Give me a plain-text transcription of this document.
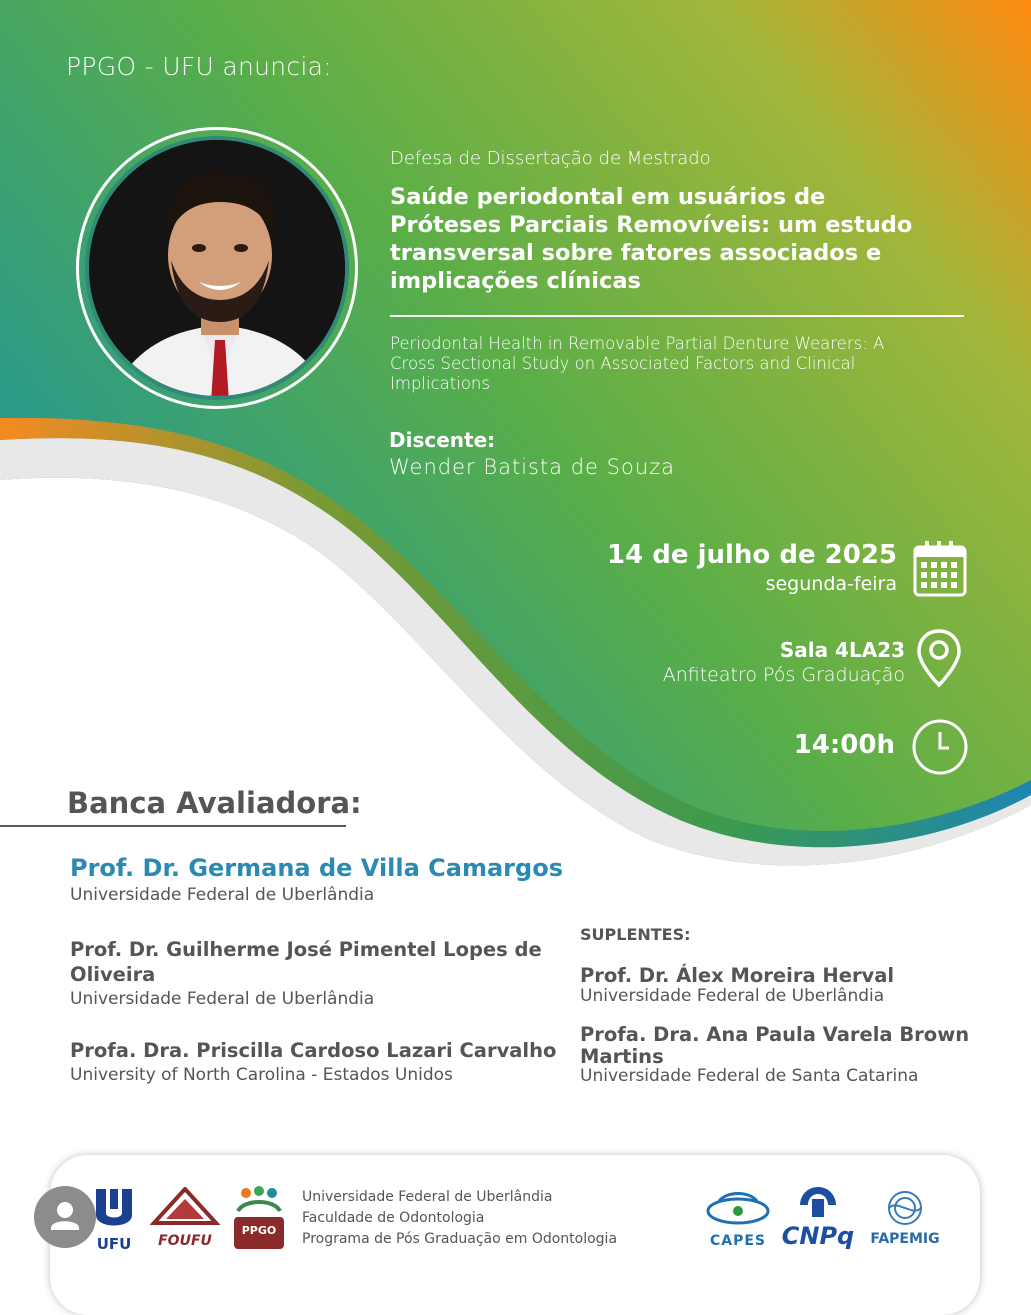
PPGO - UFU anuncia:

Defesa de Dissertação de Mestrado

Saúde periodontal em usuários de
Próteses Parciais Removíveis: um estudo
transversal sobre fatores associados e
implicações clínicas
Periodontal Health in Removable Partial Denture Wearers: A
Cross Sectional Study on Associated Factors and Clinical
Implications

Discente:

Wender Batista de Souza

14 de julho de 2025

segunda-feira

Sala 4LA23

Anfiteatro Pós Graduação

14:00h

Banca Avaliadora:

Prof. Dr. Germana de Villa Camargos
Universidade Federal de Uberlândia
Prof. Dr. Guilherme José Pimentel Lopes de
Oliveira
Universidade Federal de Uberlândia
Profa. Dra. Priscilla Cardoso Lazari Carvalho
University of North Carolina - Estados Unidos

SUPLENTES:

Prof. Dr. Álex Moreira Herval
Universidade Federal de Uberlândia
Profa. Dra. Ana Paula Varela Brown
Martins
Universidade Federal de Santa Catarina
UFU	FOUFU
PPGO
Universidade Federal de Uberlândia
Faculdade de Odontologia
Programa de Pós Graduação em Odontologia	CAPES CNPq	FAPEMIG
